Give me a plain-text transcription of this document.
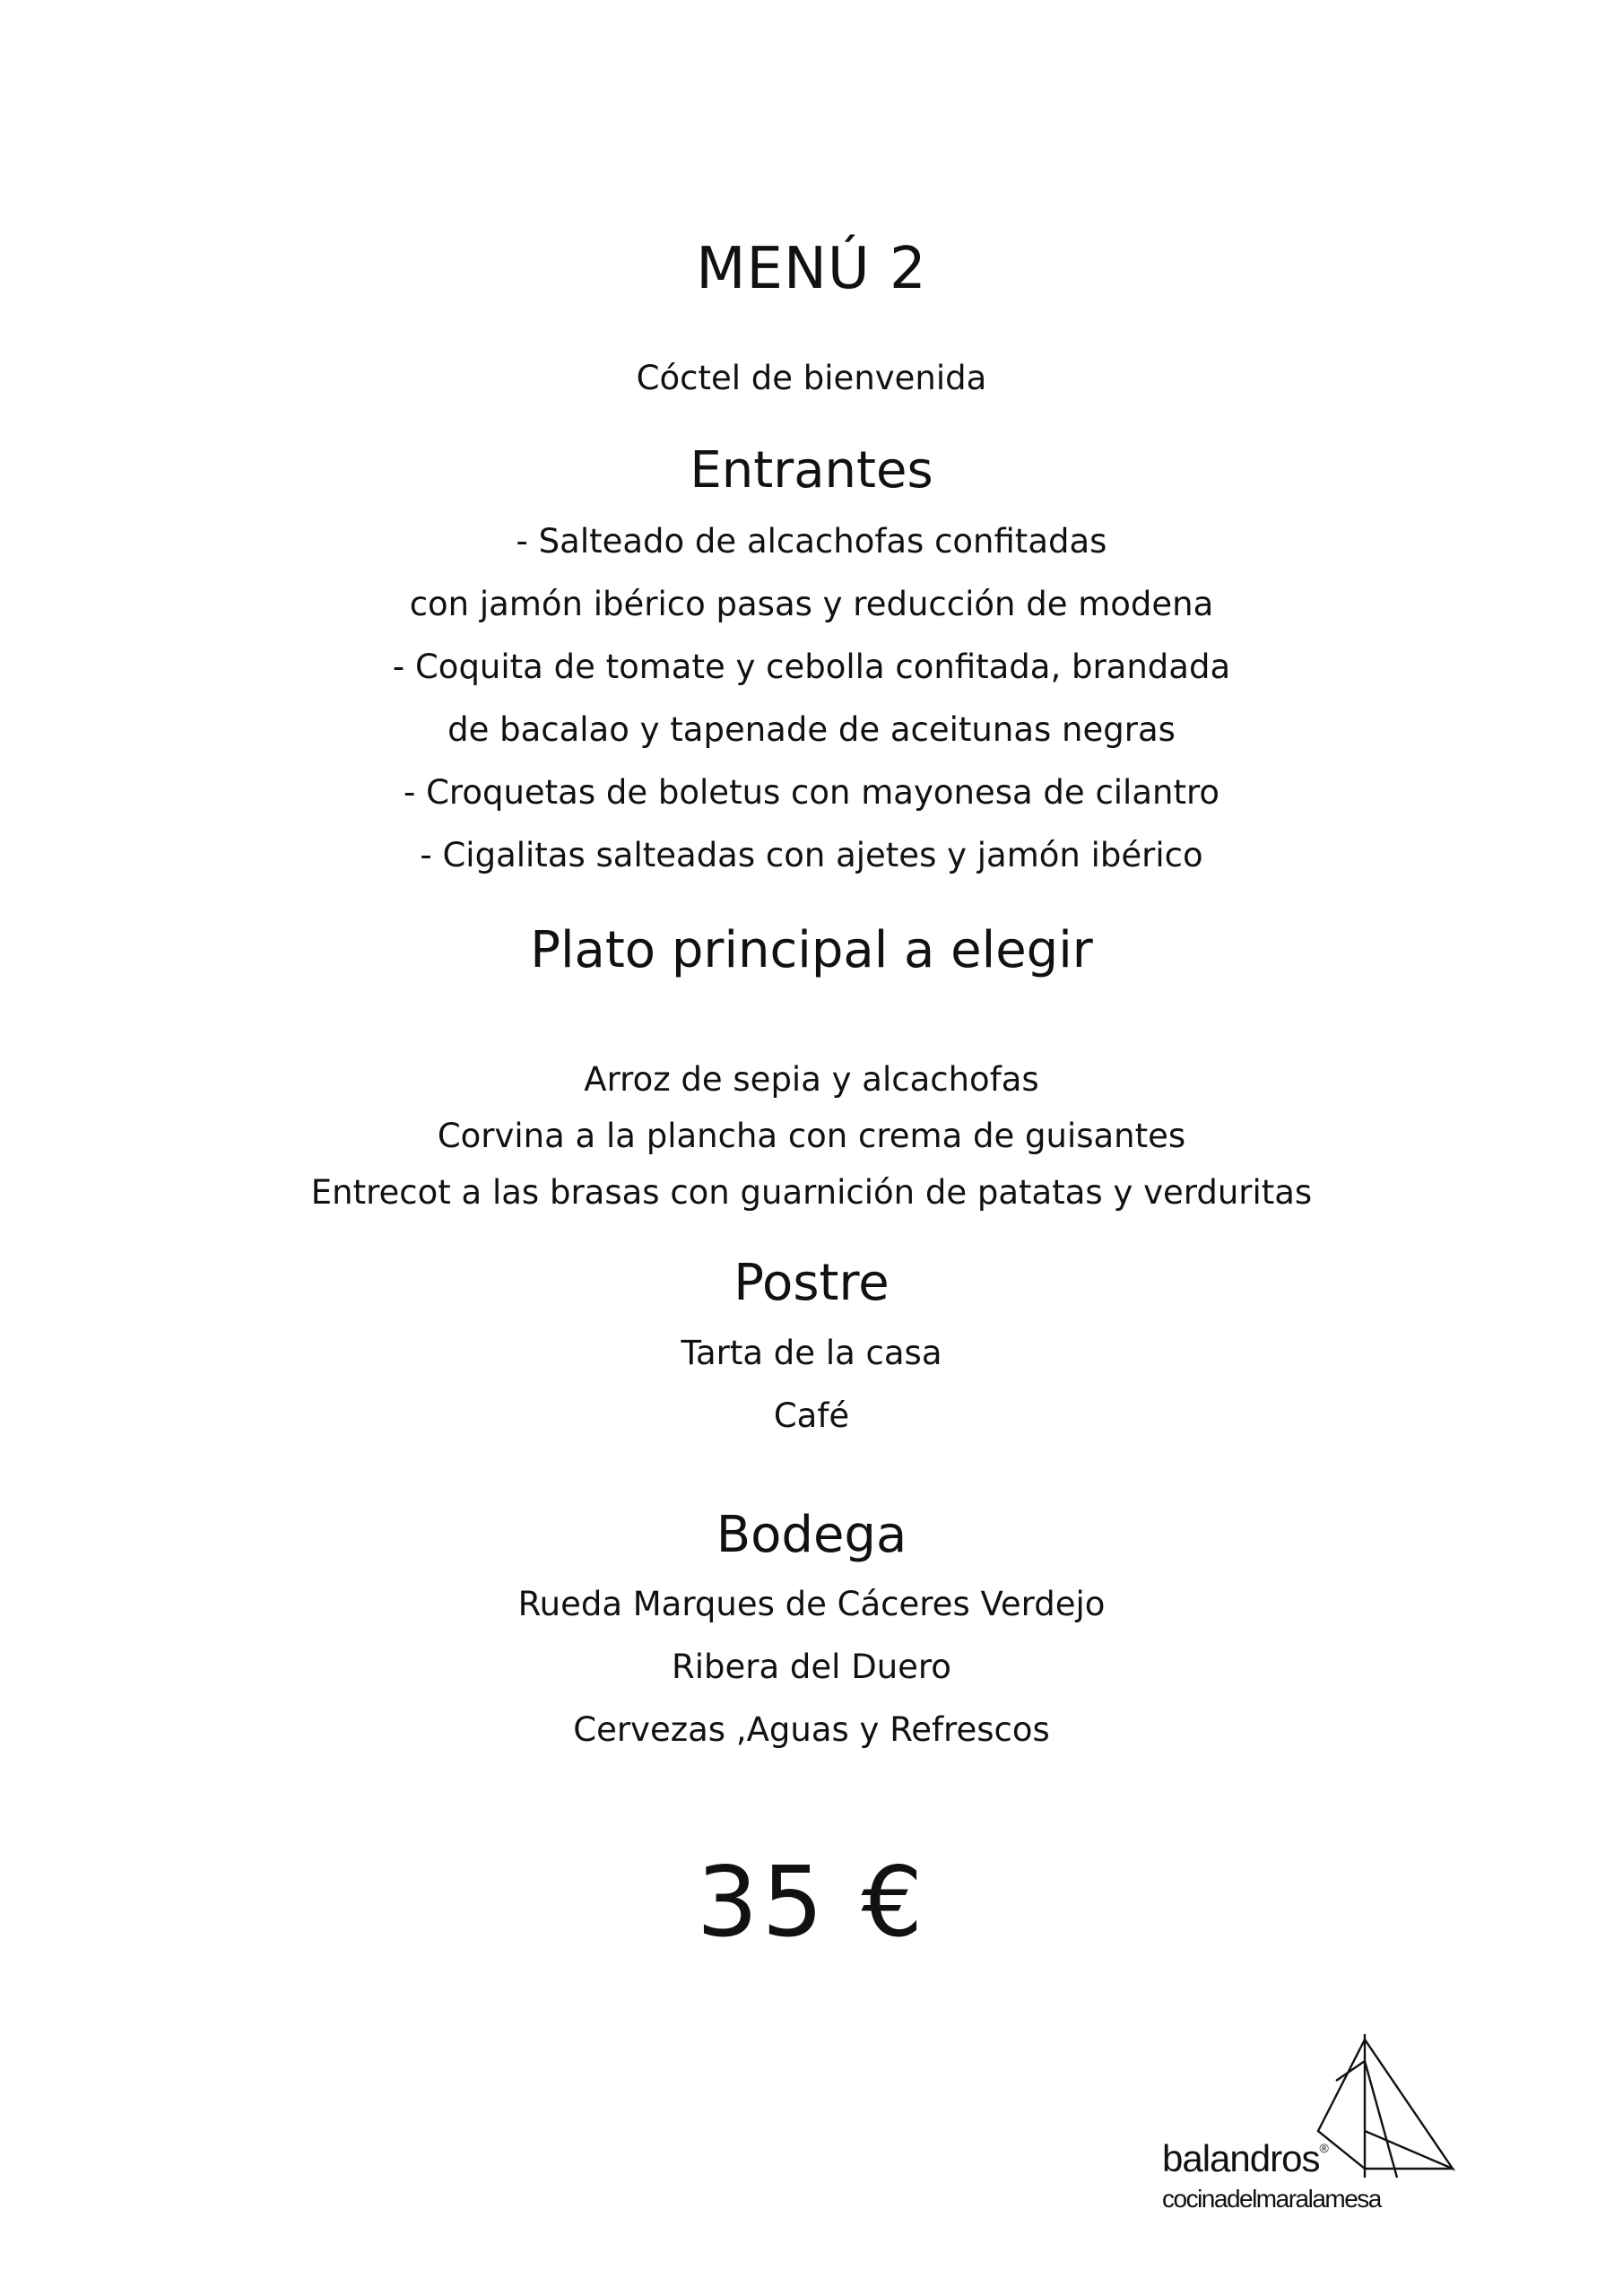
MENÚ 2
Cóctel de bienvenida
Entrantes
- Salteado de alcachofas confitadas
con jamón ibérico pasas y reducción de modena
- Coquita de tomate y cebolla confitada, brandada
de bacalao y tapenade de aceitunas negras
- Croquetas de boletus con mayonesa de cilantro
- Cigalitas salteadas con ajetes y jamón ibérico
Plato principal a elegir
Arroz de sepia y alcachofas
Corvina a la plancha con crema de guisantes
Entrecot a las brasas con guarnición de patatas y verduritas
Postre
Tarta de la casa
Café
Bodega
Rueda Marques de Cáceres Verdejo
Ribera del Duero
Cervezas ,Aguas y Refrescos
35 €
balandros®
cocinadelmaralamesa
